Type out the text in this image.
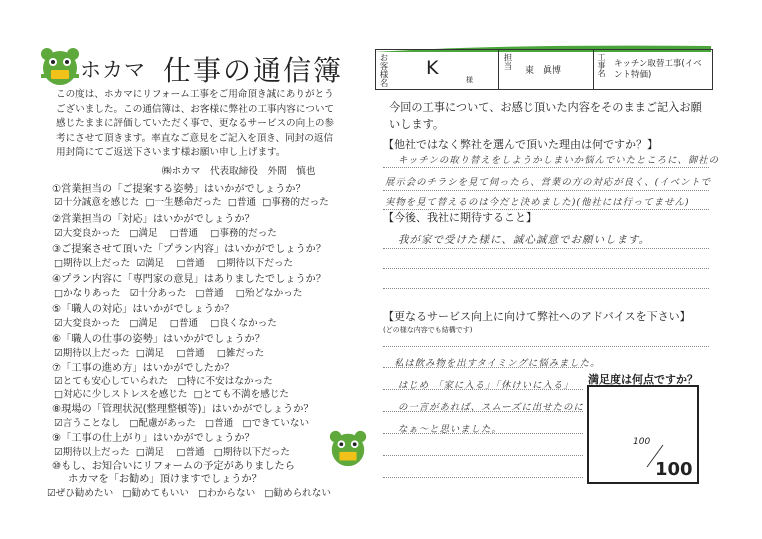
ホカマ 仕事の通信簿
この度は、ホカマにリフォーム工事をご用命頂き誠にありがとうございました。この通信簿は、お客様に弊社の工事内容について感じたままに評価していただく事で、更なるサービスの向上の参考にさせて頂きます。率直なご意見をご記入を頂き、同封の返信用封筒にてご返送下さいます様お願い申し上げます。
㈱ホカマ　代表取締役　外間　慎也
①営業担当の「ご提案する姿勢」はいかがでしょうか？
☑十分誠意を感じた □一生懸命だった □普通 □事務的だった
②営業担当の「対応」はいかがでしょうか？
☑大変良かった □満足 □普通 □事務的だった
③ご提案させて頂いた「プラン内容」はいかがでしょうか？
□期待以上だった ☑満足 □普通 □期待以下だった
④プラン内容に「専門家の意見」はありましたでしょうか？
□かなりあった ☑十分あった □普通 □殆どなかった
⑤「職人の対応」はいかがでしょうか？
☑大変良かった □満足 □普通 □良くなかった
⑥「職人の仕事の姿勢」はいかがでしょうか？
☑期待以上だった □満足 □普通 □雑だった
⑦「工事の進め方」はいかがでしたか？
☑とても安心していられた □特に不安はなかった
□対応に少しストレスを感じた □とても不満を感じた
⑧現場の「管理状況(整理整頓等)」はいかがでしょうか？
☑言うことなし □配慮があった □普通 □できていない
⑨「工事の仕上がり」はいかがでしょうか？
☑期待以上だった □満足 □普通 □期待以下だった
⑩もし、お知合いにリフォームの予定がありましたら
ホカマを「お勧め」頂けますでしょうか？
☑ぜひ勧めたい □勧めてもいい □わからない □勧められない
お客様名 K
様
担当
東　眞博	工事名 キッチン取替工事(イベント特価)
今回の工事について、お感じ頂いた内容をそのままご記入お願いします。
【他社ではなく弊社を選んで頂いた理由は何ですか？】
キッチンの取り替えをしようかしまいか悩んでいたところに、御社の
展示会のチラシを見て伺ったら、営業の方の対応が良く、(イベントで
実物を見て替えるのは今だと決めました)(他社には行ってません)
【今後、我社に期待すること】
我が家で受けた様に、誠心誠意でお願いします。
【更なるサービス向上に向けて弊社へのアドバイスを下さい】
(どの様な内容でも結構です)
私は飲み物を出すタイミングに悩みました。
はじめ 「家に入る」「休けいに入る」
の一言があれば、スムーズに出せたのに
なぁ〜と思いました。
満足度は何点ですか？
100
100
